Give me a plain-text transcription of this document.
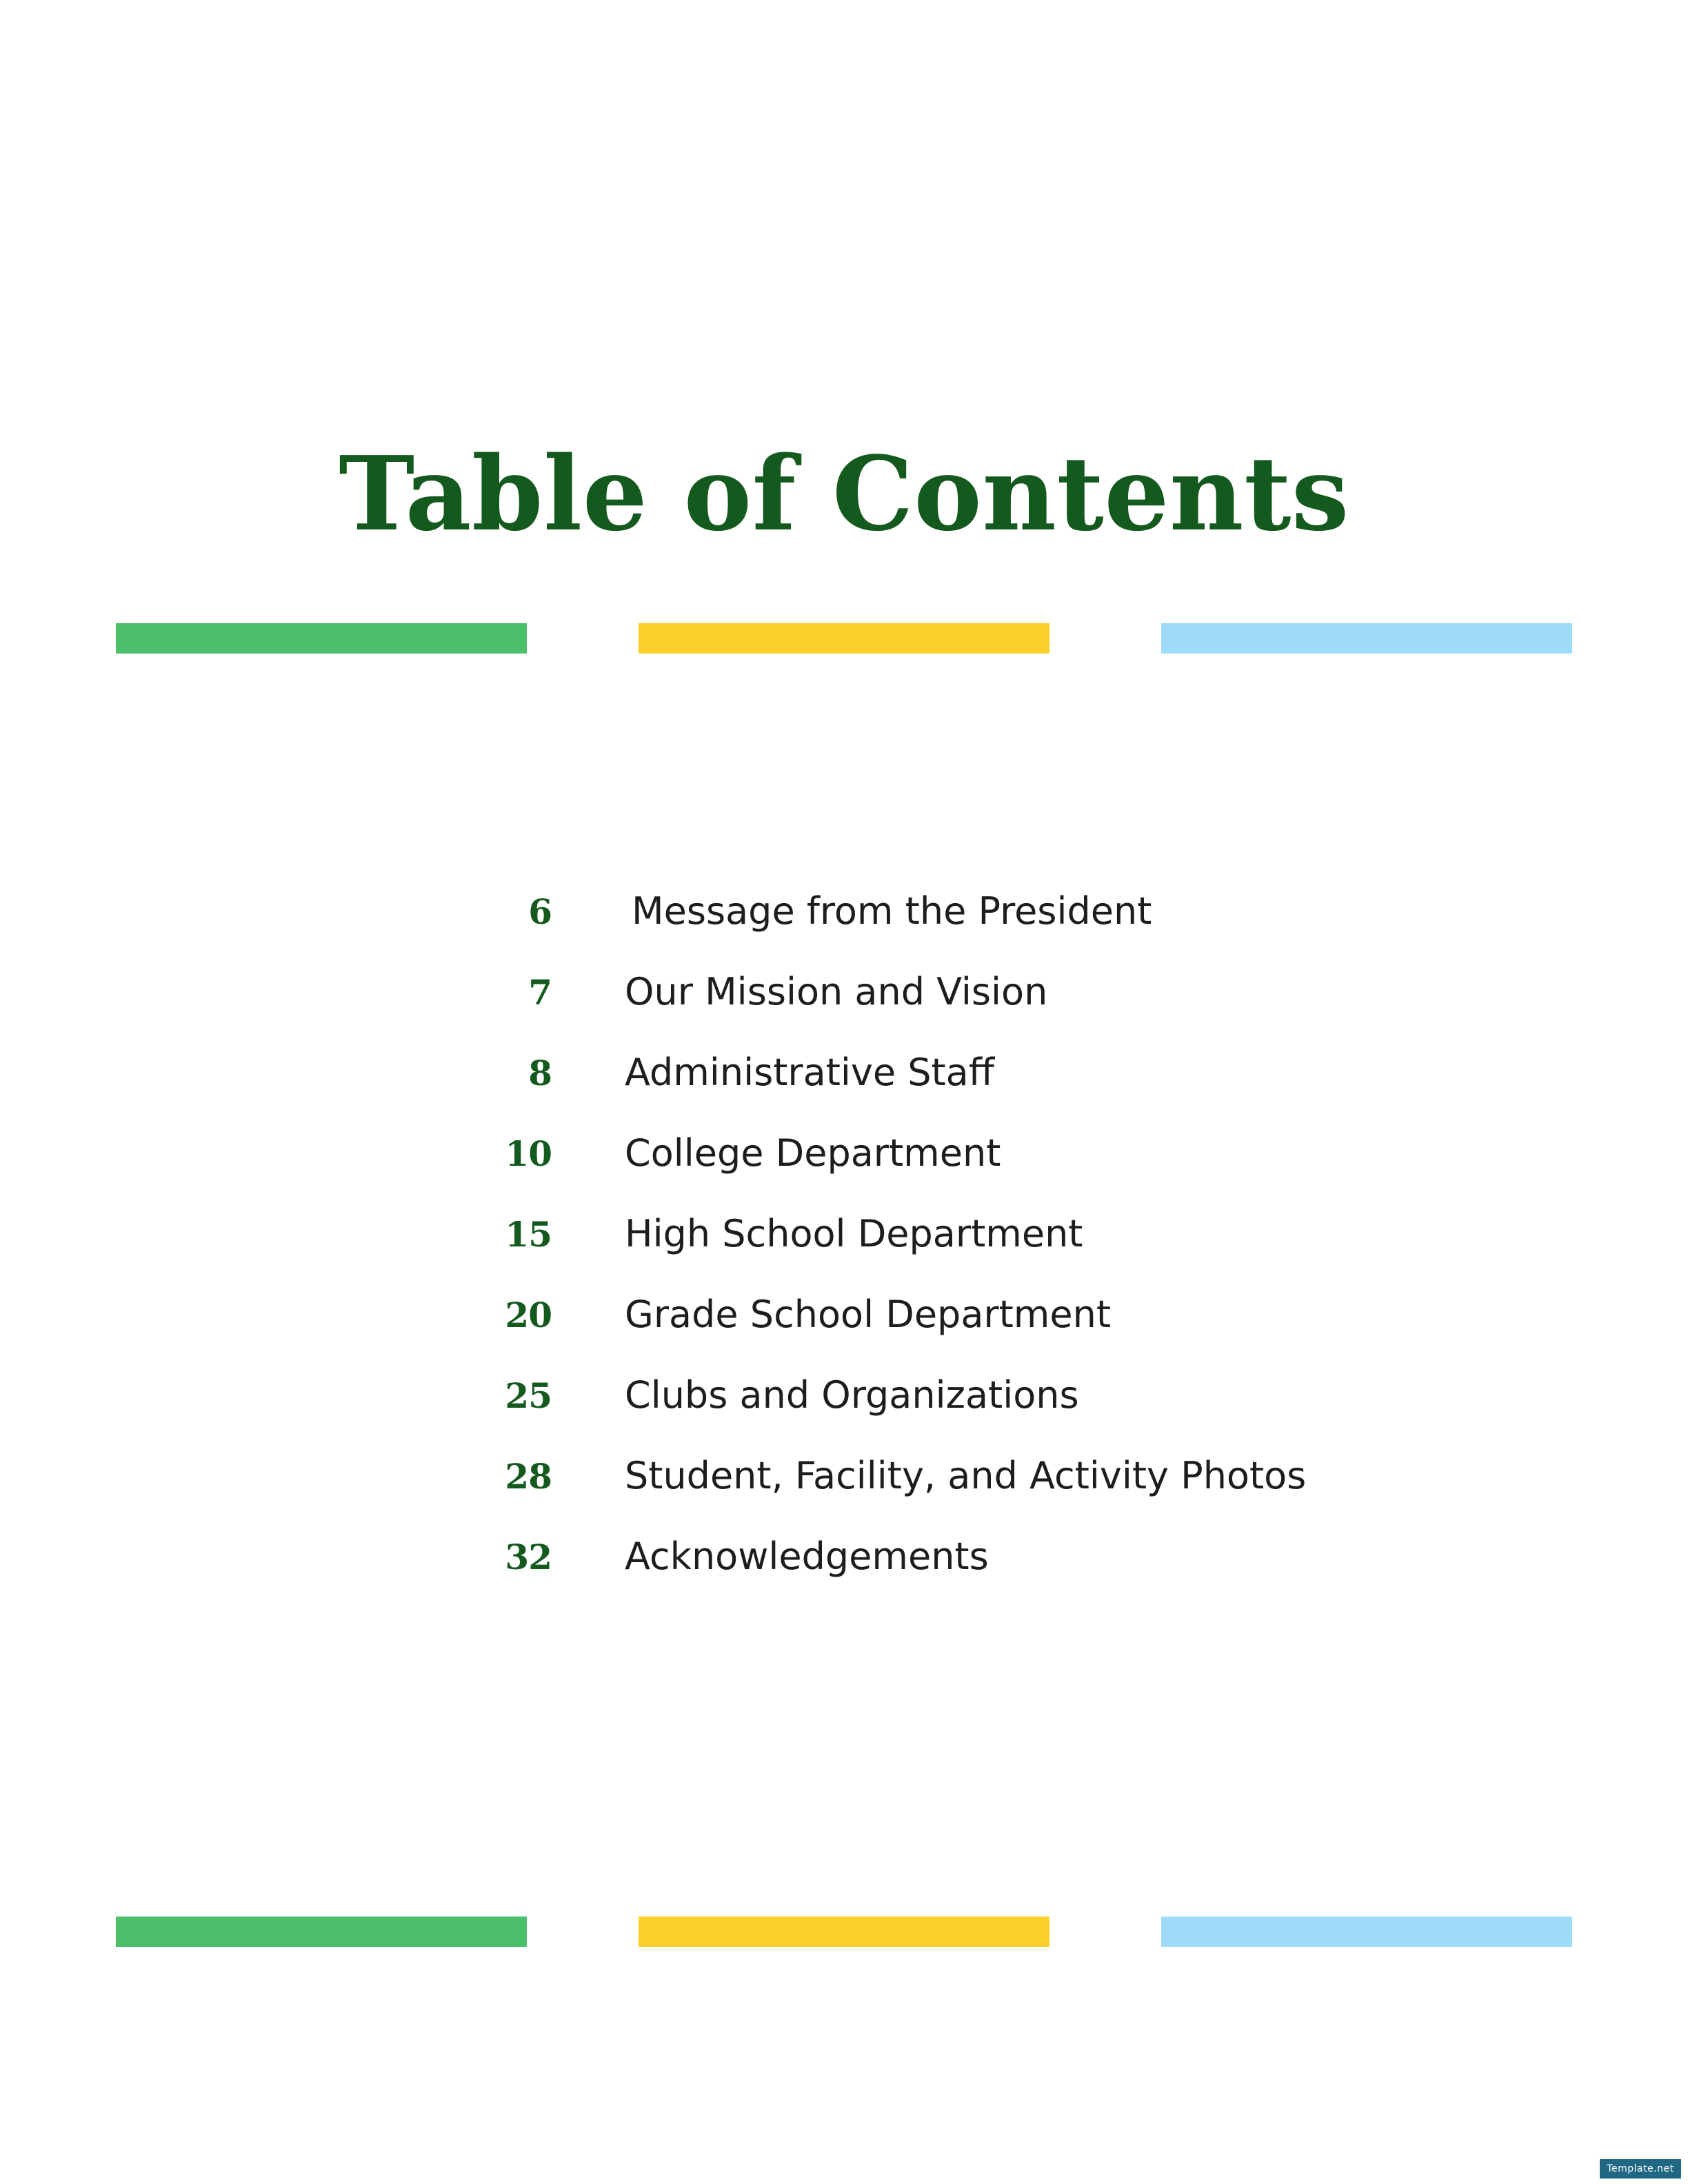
Table of Contents
6	Message from the President
7	Our Mission and Vision
8	Administrative Staff
10	College Department
15	High School Department
20	Grade School Department
25	Clubs and Organizations
28	Student, Facility, and Activity Photos
32	Acknowledgements
Template.net
